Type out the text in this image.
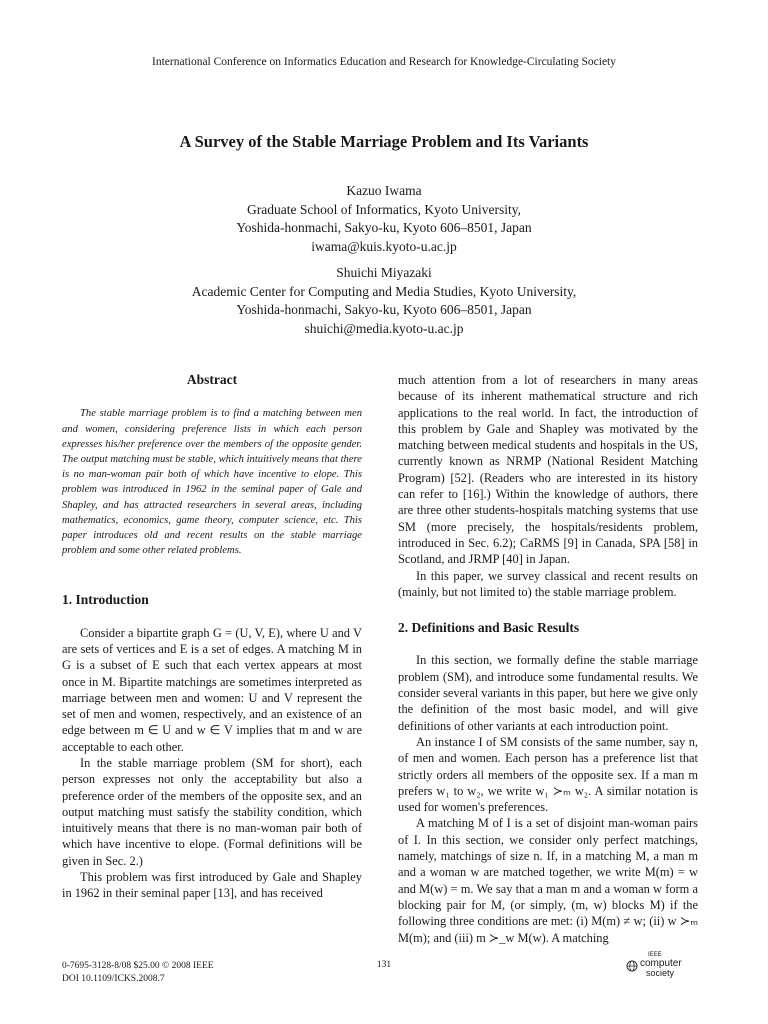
International Conference on Informatics Education and Research for Knowledge-Circulating Society
A Survey of the Stable Marriage Problem and Its Variants
Kazuo Iwama
Graduate School of Informatics, Kyoto University,
Yoshida-honmachi, Sakyo-ku, Kyoto 606–8501, Japan
iwama@kuis.kyoto-u.ac.jp
Shuichi Miyazaki
Academic Center for Computing and Media Studies, Kyoto University,
Yoshida-honmachi, Sakyo-ku, Kyoto 606–8501, Japan
shuichi@media.kyoto-u.ac.jp
Abstract

The stable marriage problem is to find a matching between men and women, considering preference lists in which each person expresses his/her preference over the members of the opposite gender. The output matching must be stable, which intuitively means that there is no man-woman pair both of which have incentive to elope. This problem was introduced in 1962 in the seminal paper of Gale and Shapley, and has attracted researchers in several areas, including mathematics, economics, game theory, computer science, etc. This paper introduces old and recent results on the stable marriage problem and some other related problems.

1. Introduction

Consider a bipartite graph G = (U, V, E), where U and V are sets of vertices and E is a set of edges. A matching M in G is a subset of E such that each vertex appears at most once in M. Bipartite matchings are sometimes interpreted as marriage between men and women: U and V represent the set of men and women, respectively, and an existence of an edge between m ∈ U and w ∈ V implies that m and w are acceptable to each other.

In the stable marriage problem (SM for short), each person expresses not only the acceptability but also a preference order of the members of the opposite sex, and an output matching must satisfy the stability condition, which intuitively means that there is no man-woman pair both of which have incentive to elope. (Formal definitions will be given in Sec. 2.)

This problem was first introduced by Gale and Shapley in 1962 in their seminal paper [13], and has received

much attention from a lot of researchers in many areas because of its inherent mathematical structure and rich applications to the real world. In fact, the introduction of this problem by Gale and Shapley was motivated by the matching between medical students and hospitals in the US, currently known as NRMP (National Resident Matching Program) [52]. (Readers who are interested in its history can refer to [16].) Within the knowledge of authors, there are three other students-hospitals matching systems that use SM (more precisely, the hospitals/residents problem, introduced in Sec. 6.2); CaRMS [9] in Canada, SPA [58] in Scotland, and JRMP [40] in Japan.

In this paper, we survey classical and recent results on (mainly, but not limited to) the stable marriage problem.

2. Definitions and Basic Results

In this section, we formally define the stable marriage problem (SM), and introduce some fundamental results. We consider several variants in this paper, but here we give only the definition of the most basic model, and will give definitions of other variants at each introduction point.

An instance I of SM consists of the same number, say n, of men and women. Each person has a preference list that strictly orders all members of the opposite sex. If a man m prefers w₁ to w₂, we write w₁ ≻ₘ w₂. A similar notation is used for women's preferences.

A matching M of I is a set of disjoint man-woman pairs of I. In this section, we consider only perfect matchings, namely, matchings of size n. If, in a matching M, a man m and a woman w are matched together, we write M(m) = w and M(w) = m. We say that a man m and a woman w form a blocking pair for M, (or simply, (m, w) blocks M) if the following three conditions are met: (i) M(m) ≠ w; (ii) w ≻ₘ M(m); and (iii) m ≻_w M(w). A matching

0-7695-3128-8/08 $25.00 © 2008 IEEE
DOI 10.1109/ICKS.2008.7
131
IEEE
computer
society
